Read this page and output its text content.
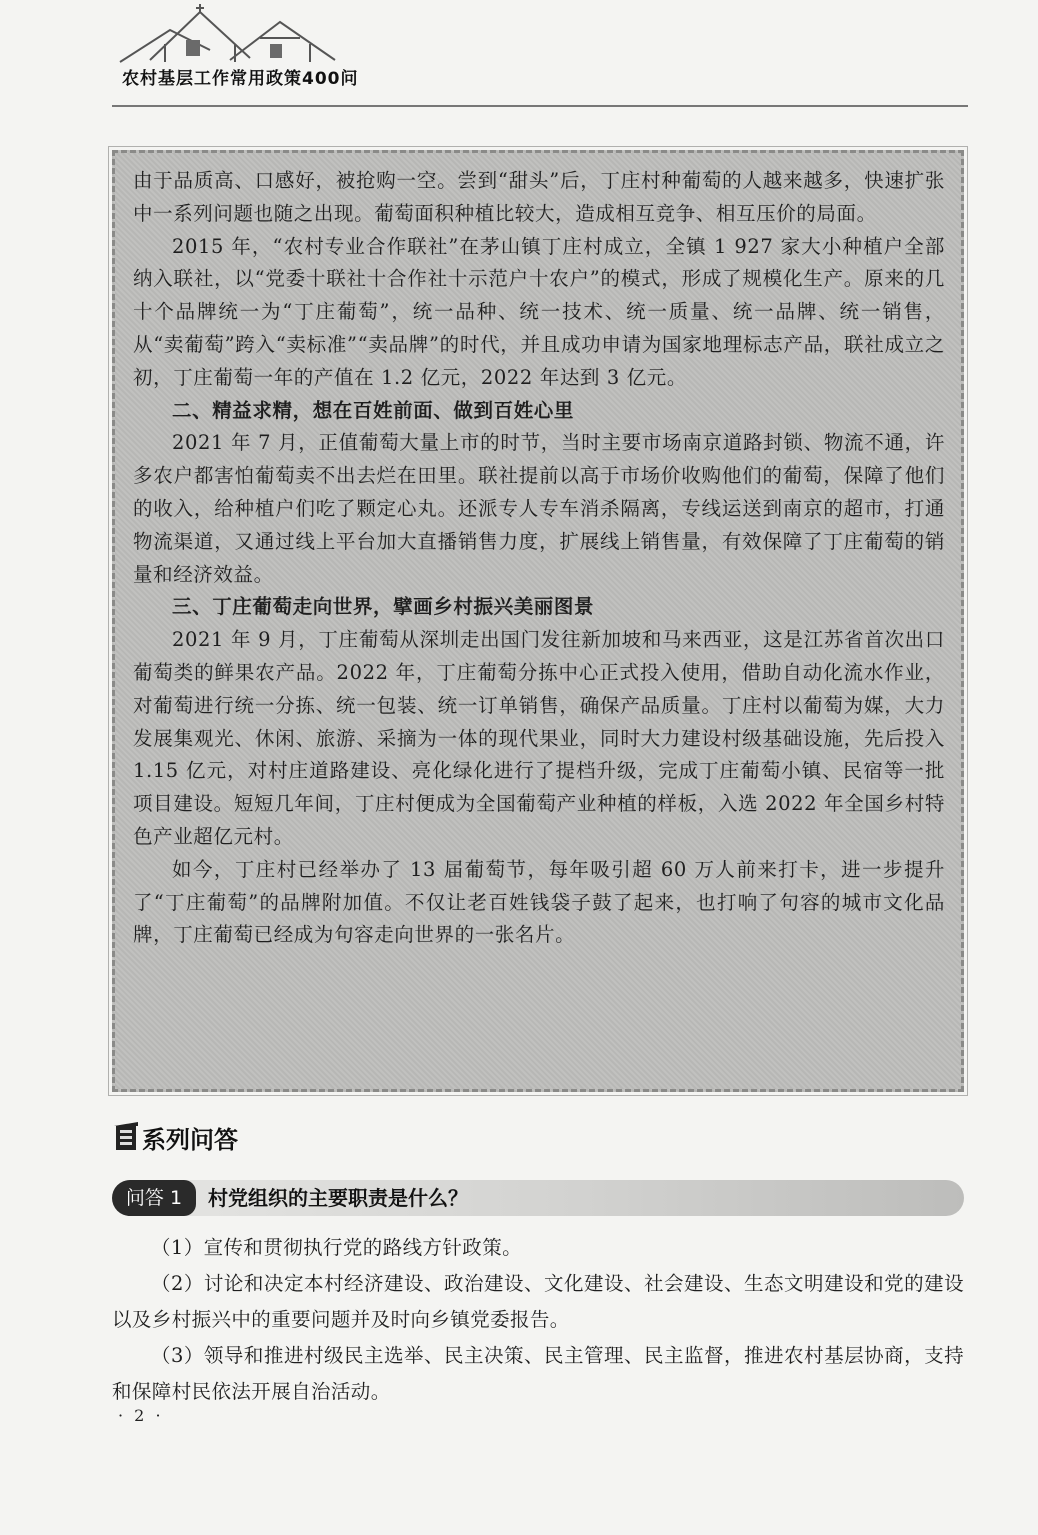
农村基层工作常用政策400问

由于品质高、口感好，被抢购一空。尝到“甜头”后，丁庄村种葡萄的人越来越多，快速扩张中一系列问题也随之出现。葡萄面积种植比较大，造成相互竞争、相互压价的局面。

2015 年，“农村专业合作联社”在茅山镇丁庄村成立，全镇 1 927 家大小种植户全部纳入联社，以“党委十联社十合作社十示范户十农户”的模式，形成了规模化生产。原来的几十个品牌统一为“丁庄葡萄”，统一品种、统一技术、统一质量、统一品牌、统一销售，从“卖葡萄”跨入“卖标准”“卖品牌”的时代，并且成功申请为国家地理标志产品，联社成立之初，丁庄葡萄一年的产值在 1.2 亿元，2022 年达到 3 亿元。

二、精益求精，想在百姓前面、做到百姓心里

2021 年 7 月，正值葡萄大量上市的时节，当时主要市场南京道路封锁、物流不通，许多农户都害怕葡萄卖不出去烂在田里。联社提前以高于市场价收购他们的葡萄，保障了他们的收入，给种植户们吃了颗定心丸。还派专人专车消杀隔离，专线运送到南京的超市，打通物流渠道，又通过线上平台加大直播销售力度，扩展线上销售量，有效保障了丁庄葡萄的销量和经济效益。

三、丁庄葡萄走向世界，擘画乡村振兴美丽图景

2021 年 9 月，丁庄葡萄从深圳走出国门发往新加坡和马来西亚，这是江苏省首次出口葡萄类的鲜果农产品。2022 年，丁庄葡萄分拣中心正式投入使用，借助自动化流水作业，对葡萄进行统一分拣、统一包装、统一订单销售，确保产品质量。丁庄村以葡萄为媒，大力发展集观光、休闲、旅游、采摘为一体的现代果业，同时大力建设村级基础设施，先后投入 1.15 亿元，对村庄道路建设、亮化绿化进行了提档升级，完成丁庄葡萄小镇、民宿等一批项目建设。短短几年间，丁庄村便成为全国葡萄产业种植的样板，入选 2022 年全国乡村特色产业超亿元村。

如今，丁庄村已经举办了 13 届葡萄节，每年吸引超 60 万人前来打卡，进一步提升了“丁庄葡萄”的品牌附加值。不仅让老百姓钱袋子鼓了起来，也打响了句容的城市文化品牌，丁庄葡萄已经成为句容走向世界的一张名片。

系列问答
问答 1	村党组织的主要职责是什么？

（1）宣传和贯彻执行党的路线方针政策。

（2）讨论和决定本村经济建设、政治建设、文化建设、社会建设、生态文明建设和党的建设以及乡村振兴中的重要问题并及时向乡镇党委报告。

（3）领导和推进村级民主选举、民主决策、民主管理、民主监督，推进农村基层协商，支持和保障村民依法开展自治活动。

· 2 ·
